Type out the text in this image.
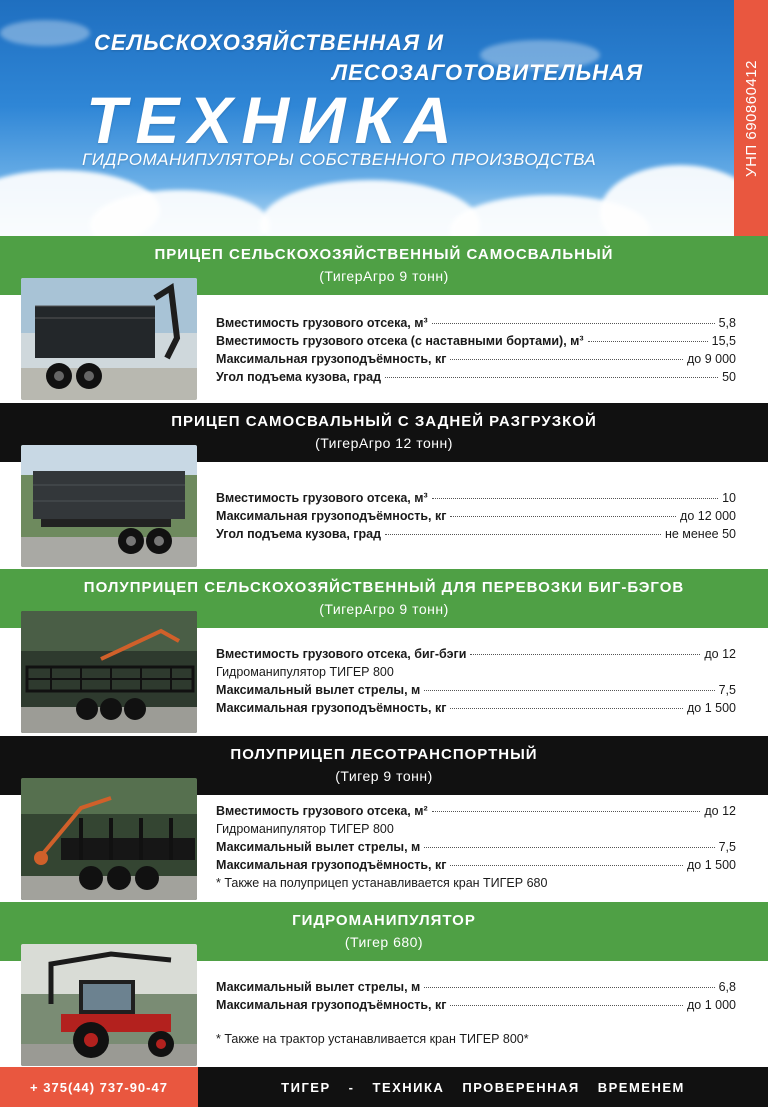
СЕЛЬСКОХОЗЯЙСТВЕННАЯ И
ЛЕСОЗАГОТОВИТЕЛЬНАЯ
ТЕХНИКА
ГИДРОМАНИПУЛЯТОРЫ СОБСТВЕННОГО ПРОИЗВОДСТВА	УНП 690860412
ПРИЦЕП СЕЛЬСКОХОЗЯЙСТВЕННЫЙ САМОСВАЛЬНЫЙ
(ТигерАгро 9 тонн)
Вместимость грузового отсека, м³	5,8
Вместимость грузового отсека (с наставными бортами), м³	15,5
Максимальная грузоподъёмность, кг	до 9 000
Угол подъема кузова, град	50
ПРИЦЕП САМОСВАЛЬНЫЙ С ЗАДНЕЙ РАЗГРУЗКОЙ
(ТигерАгро 12 тонн)
Вместимость грузового отсека, м³	10
Максимальная грузоподъёмность, кг	до 12 000
Угол подъема кузова, град	не менее 50
ПОЛУПРИЦЕП СЕЛЬСКОХОЗЯЙСТВЕННЫЙ ДЛЯ ПЕРЕВОЗКИ БИГ-БЭГОВ
(ТигерАгро 9 тонн)
Вместимость грузового отсека, биг-бэги	до 12
Гидроманипулятор ТИГЕР 800
Максимальный вылет стрелы, м	7,5
Максимальная грузоподъёмность, кг	до 1 500
ПОЛУПРИЦЕП ЛЕСОТРАНСПОРТНЫЙ
(Тигер 9 тонн)
Вместимость грузового отсека, м²	до 12
Гидроманипулятор ТИГЕР 800
Максимальный вылет стрелы, м	7,5
Максимальная грузоподъёмность, кг	до 1 500
* Также на полуприцеп устанавливается кран ТИГЕР 680
ГИДРОМАНИПУЛЯТОР
(Тигер 680)
Максимальный вылет стрелы, м	6,8
Максимальная грузоподъёмность, кг	до 1 000
* Также на трактор устанавливается кран ТИГЕР 800*
+ 375(44) 737-90-47	ТИГЕР - ТЕХНИКА ПРОВЕРЕННАЯ ВРЕМЕНЕМ
